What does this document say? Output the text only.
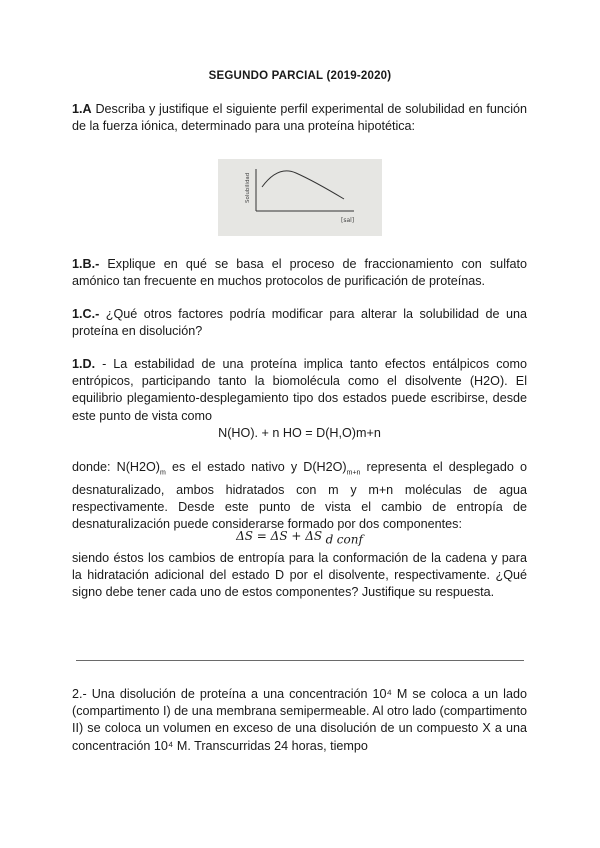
SEGUNDO PARCIAL (2019-2020)

1.A Describa y justifique el siguiente perfil experimental de solubilidad en función de la fuerza iónica, determinado para una proteína hipotética:

Solubilidad
[sal]

1.B.- Explique en qué se basa el proceso de fraccionamiento con sulfato amónico tan frecuente en muchos protocolos de purificación de proteínas.

1.C.- ¿Qué otros factores podría modificar para alterar la solubilidad de una proteína en disolución?

1.D. - La estabilidad de una proteína implica tanto efectos entálpicos como entrópicos, participando tanto la biomolécula como el disolvente (H2O). El equilibrio plegamiento-desplegamiento tipo dos estados puede escribirse, desde este punto de vista como

N(HO). + n HO = D(H,O)m+n

donde: $N(H2O)_m$ es el estado nativo y $D(H2O)_{m+n}$ representa el desplegado o desnaturalizado, ambos hidratados con m y m+n moléculas de agua respectivamente. Desde este punto de vista el cambio de entropía de desnaturalización puede considerarse formado por dos componentes:

ΔS = ΔS + ΔS $_d$ $_{conf}$

siendo éstos los cambios de entropía para la conformación de la cadena y para la hidratación adicional del estado D por el disolvente, respectivamente. ¿Qué signo debe tener cada uno de estos componentes? Justifique su respuesta.

2.- Una disolución de proteína a una concentración 10⁴ M se coloca a un lado (compartimento I) de una membrana semipermeable. Al otro lado (compartimento II) se coloca un volumen en exceso de una disolución de un compuesto X a una concentración 10⁴ M. Transcurridas 24 horas, tiempo
